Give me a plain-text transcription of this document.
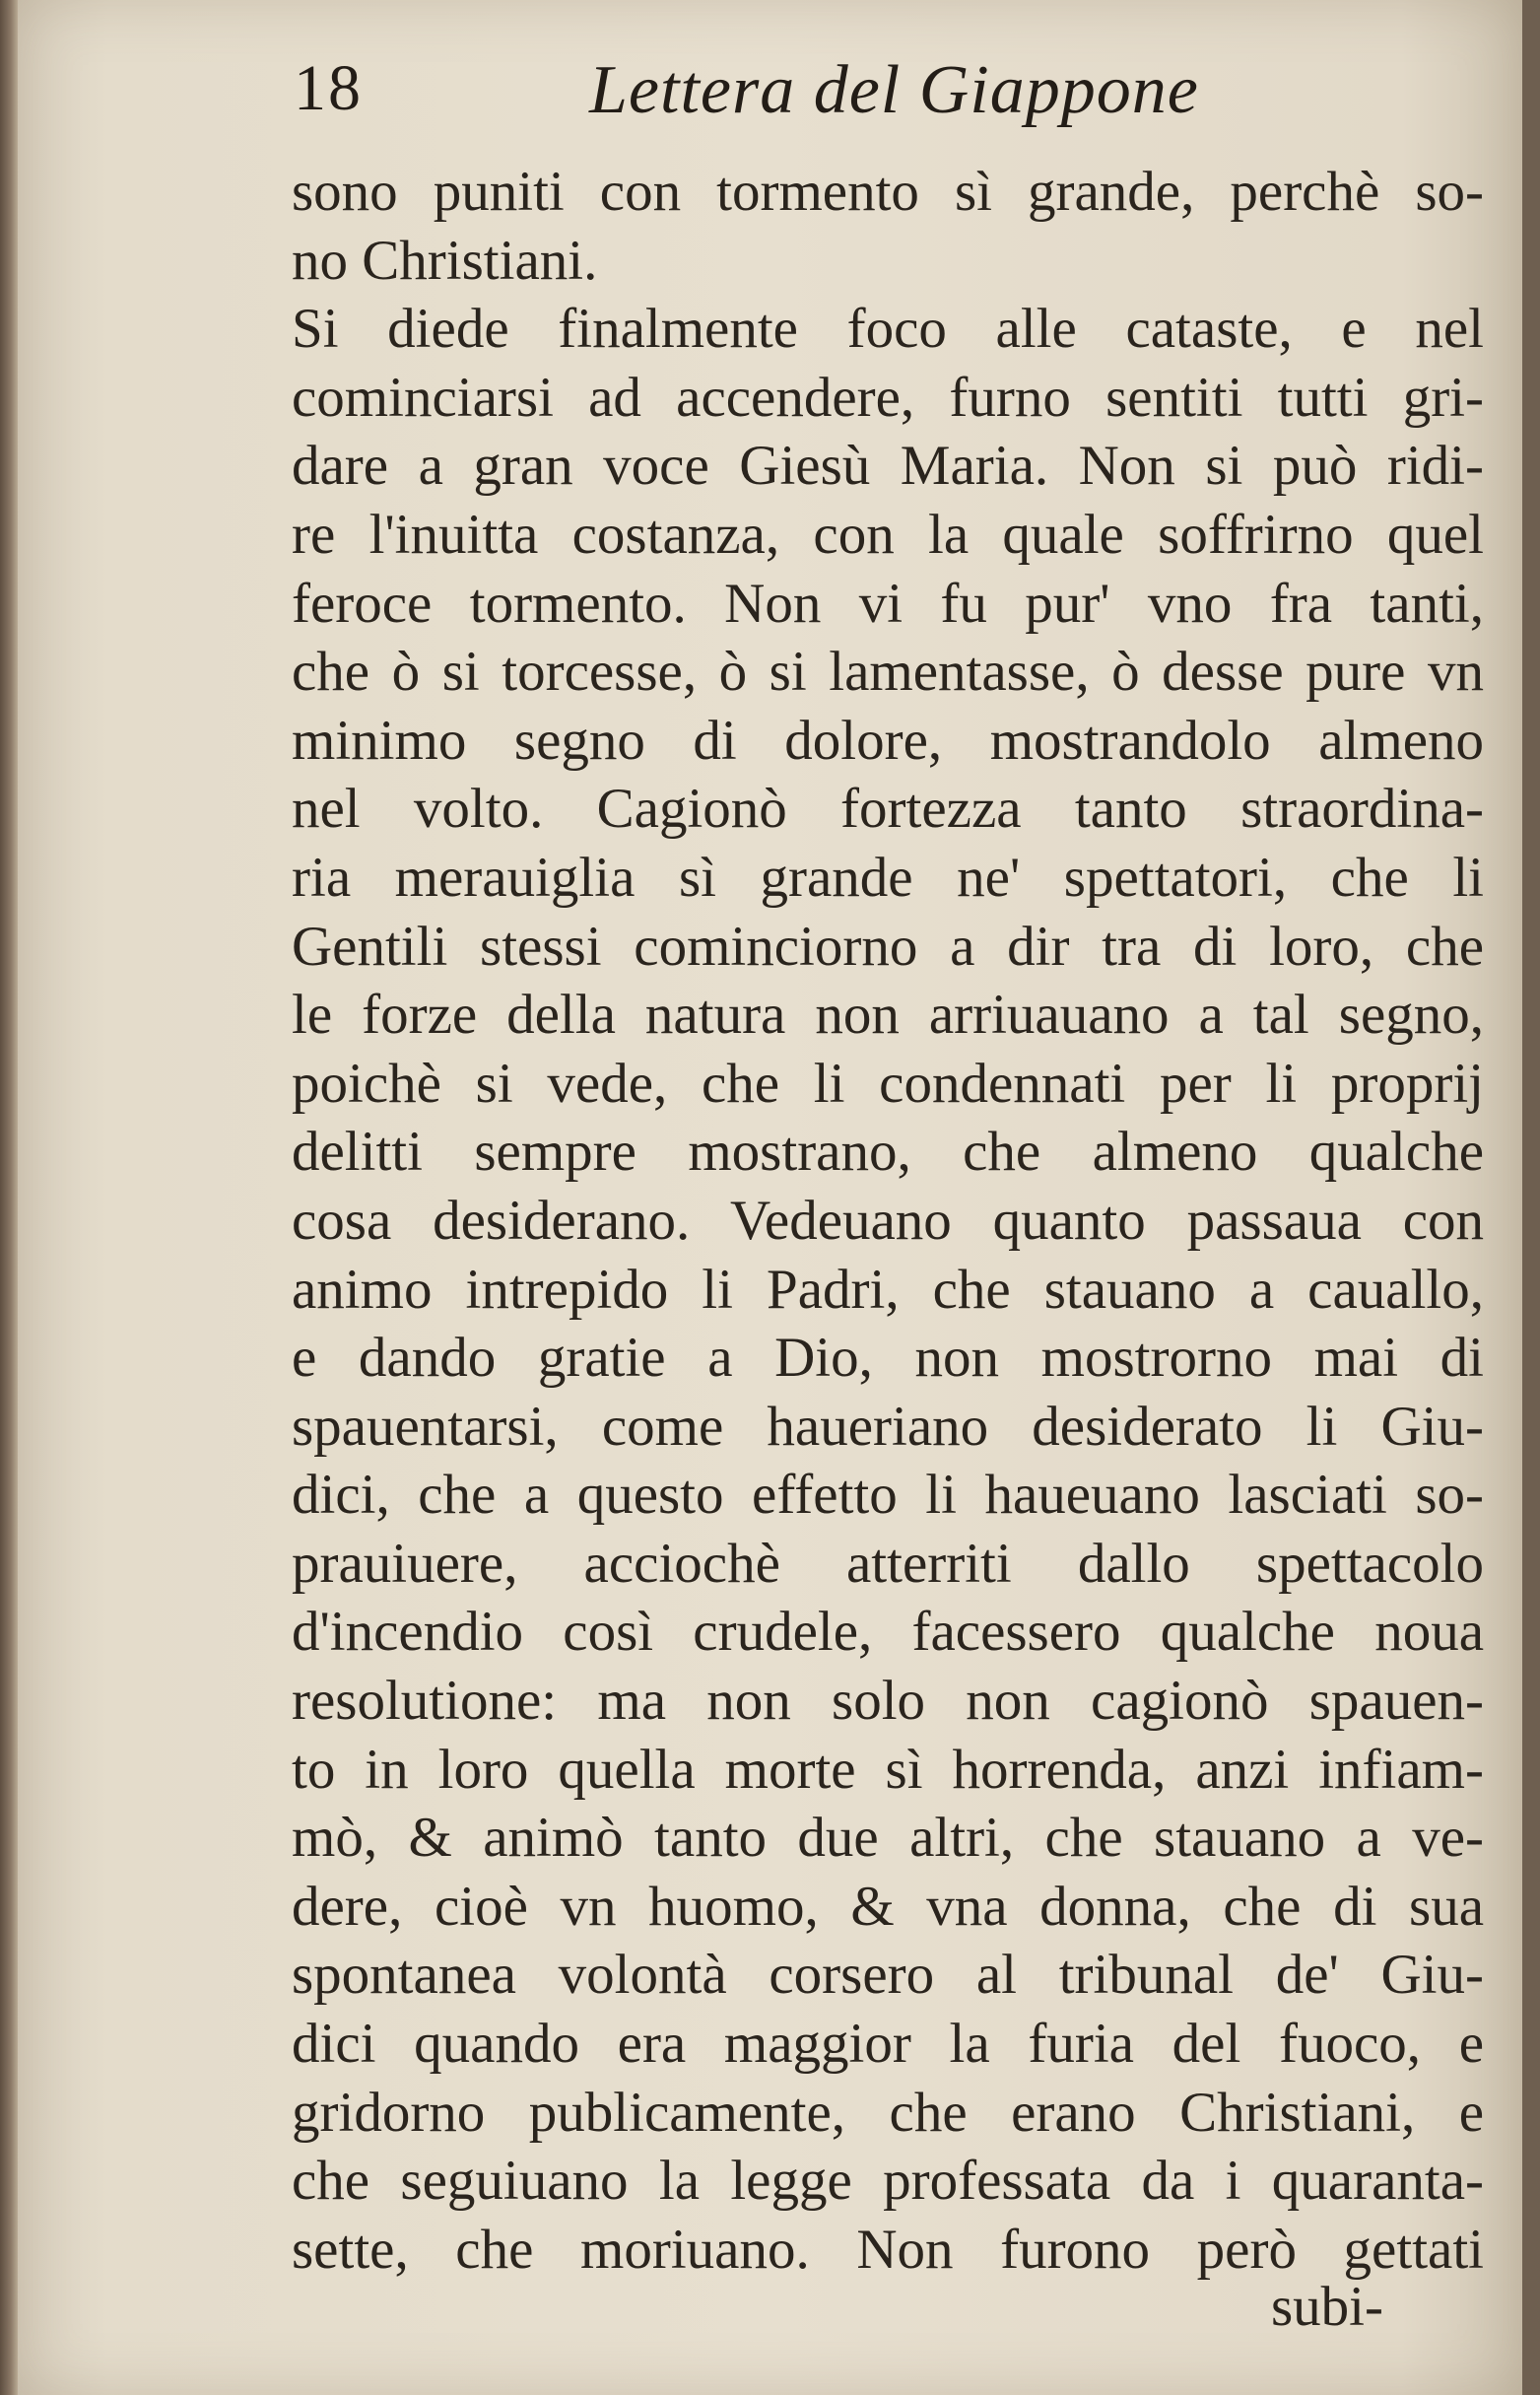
18	Lettera del Giappone
sono puniti con tormento sì grande, perchè so-
no Christiani.
Si diede finalmente foco alle cataste, e nel
cominciarsi ad accendere, furno sentiti tutti gri-
dare a gran voce Giesù Maria. Non si può ridi-
re l'inuitta costanza, con la quale soffrirno quel
feroce tormento. Non vi fu pur' vno fra tanti,
che ò si torcesse, ò si lamentasse, ò desse pure vn
minimo segno di dolore, mostrandolo almeno
nel volto. Cagionò fortezza tanto straordina-
ria merauiglia sì grande ne' spettatori, che li
Gentili stessi cominciorno a dir tra di loro, che
le forze della natura non arriuauano a tal segno,
poichè si vede, che li condennati per li proprij
delitti sempre mostrano, che almeno qualche
cosa desiderano. Vedeuano quanto passaua con
animo intrepido li Padri, che stauano a cauallo,
e dando gratie a Dio, non mostrorno mai di
spauentarsi, come haueriano desiderato li Giu-
dici, che a questo effetto li haueuano lasciati so-
prauiuere, acciochè atterriti dallo spettacolo
d'incendio così crudele, facessero qualche noua
resolutione: ma non solo non cagionò spauen-
to in loro quella morte sì horrenda, anzi infiam-
mò, & animò tanto due altri, che stauano a ve-
dere, cioè vn huomo, & vna donna, che di sua
spontanea volontà corsero al tribunal de' Giu-
dici quando era maggior la furia del fuoco, e
gridorno publicamente, che erano Christiani, e
che seguiuano la legge professata da i quaranta-
sette, che moriuano. Non furono però gettati
subi-
